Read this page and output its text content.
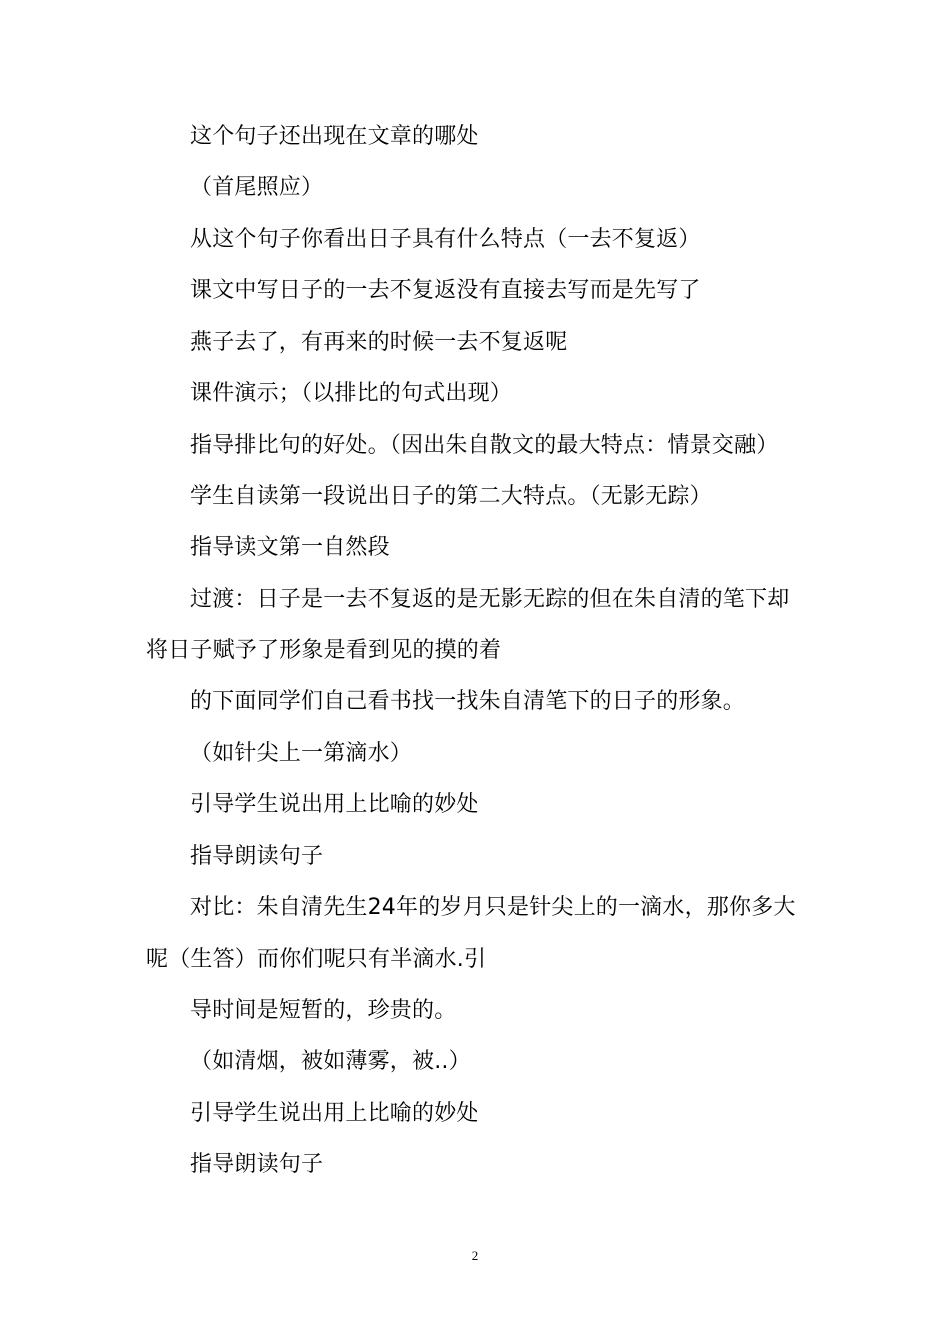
这个句子还出现在文章的哪处
（首尾照应）
从这个句子你看出日子具有什么特点（一去不复返）
课文中写日子的一去不复返没有直接去写而是先写了
燕子去了，有再来的时候一去不复返呢
课件演示；（以排比的句式出现）
指导排比句的好处。（因出朱自散文的最大特点：情景交融）
学生自读第一段说出日子的第二大特点。（无影无踪）
指导读文第一自然段
过渡：日子是一去不复返的是无影无踪的但在朱自清的笔下却
将日子赋予了形象是看到见的摸的着
的下面同学们自己看书找一找朱自清笔下的日子的形象。
（如针尖上一第滴水）
引导学生说出用上比喻的妙处
指导朗读句子
对比：朱自清先生24年的岁月只是针尖上的一滴水，那你多大
呢（生答）而你们呢只有半滴水.引
导时间是短暂的，珍贵的。
（如清烟，被如薄雾，被..）
引导学生说出用上比喻的妙处
指导朗读句子
2
